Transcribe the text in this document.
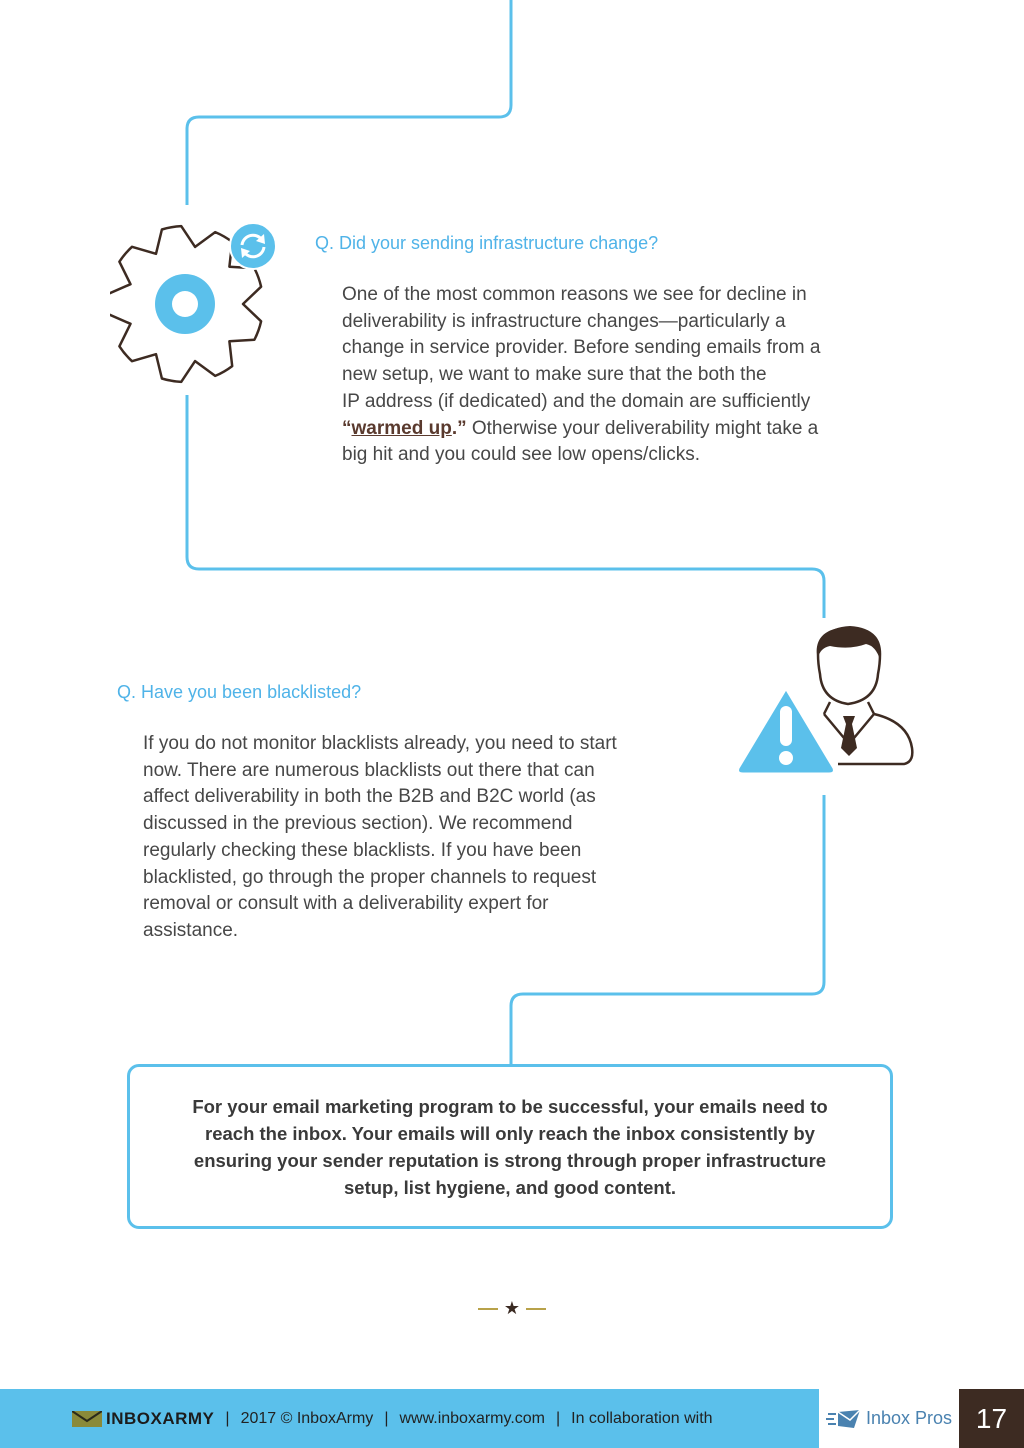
Q. Did your sending infrastructure change?
One of the most common reasons we see for decline in
deliverability is infrastructure changes—particularly a
change in service provider. Before sending emails from a
new setup, we want to make sure that the both the
IP address (if dedicated) and the domain are sufficiently
“warmed up.” Otherwise your deliverability might take a
big hit and you could see low opens/clicks.
Q. Have you been blacklisted?
If you do not monitor blacklists already, you need to start
now. There are numerous blacklists out there that can
affect deliverability in both the B2B and B2C world (as
discussed in the previous section). We recommend
regularly checking these blacklists. If you have been
blacklisted, go through the proper channels to request
removal or consult with a deliverability expert for
assistance.

For your email marketing program to be successful, your emails need to
reach the inbox. Your emails will only reach the inbox consistently by
ensuring your sender reputation is strong through proper infrastructure
setup, list hygiene, and good content.

★
INBOXARMY | 2017 © InboxArmy | www.inboxarmy.com | In collaboration with	Inbox Pros 17
